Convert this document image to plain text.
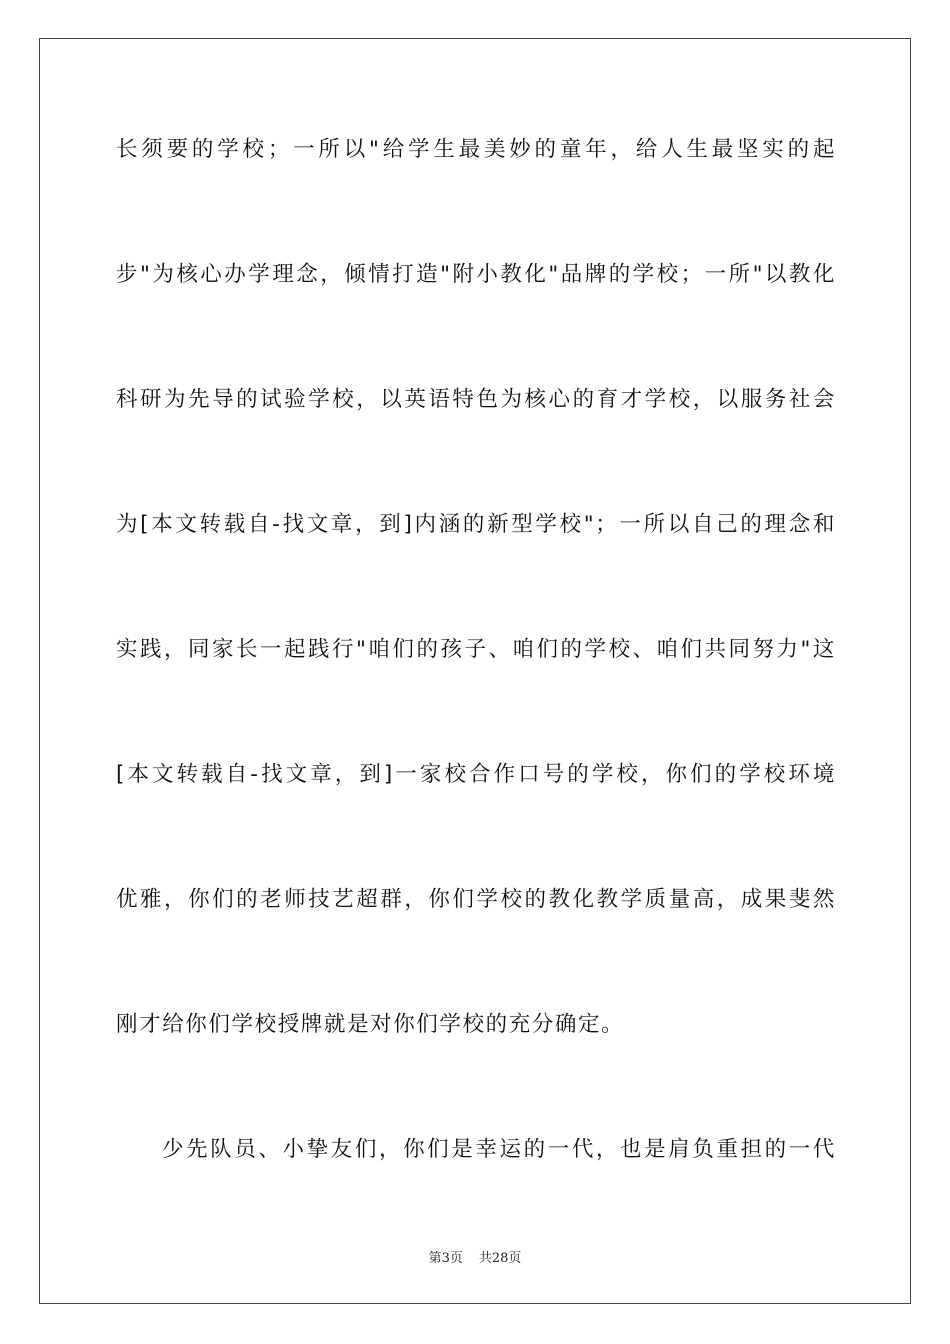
长须要的学校；一所以"给学生最美妙的童年，给人生最坚实的起
步"为核心办学理念，倾情打造"附小教化"品牌的学校；一所"以教化
科研为先导的试验学校，以英语特色为核心的育才学校，以服务社会
为[本文转载自-找文章，到]内涵的新型学校"；一所以自己的理念和
实践，同家长一起践行"咱们的孩子、咱们的学校、咱们共同努力"这
[本文转载自-找文章，到]一家校合作口号的学校，你们的学校环境
优雅，你们的老师技艺超群，你们学校的教化教学质量高，成果斐然
刚才给你们学校授牌就是对你们学校的充分确定。
少先队员、小挚友们，你们是幸运的一代，也是肩负重担的一代
第3页 共28页
